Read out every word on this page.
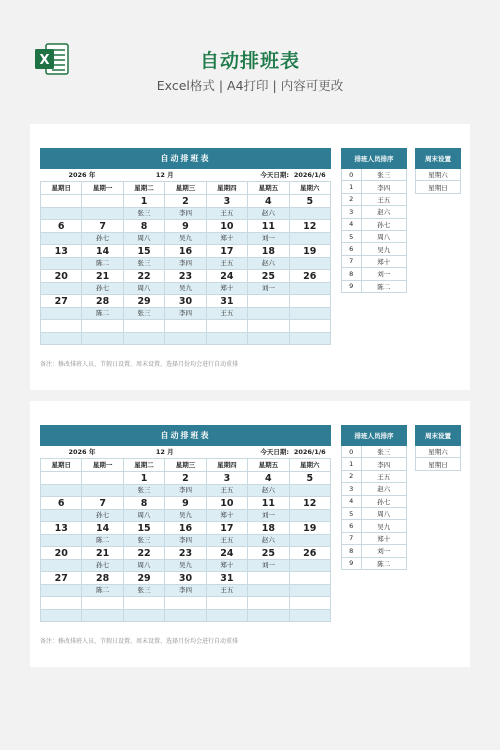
X	自动排班表
Excel格式 | A4打印 | 内容可更改
自动排班表						
2026 年		12 月		今天日期:		2026/1/6
星期日	星期一	星期二	星期三	星期四	星期五	星期六
		1	2	3	4	5
		张三	李四	王五	赵六	
6	7	8	9	10	11	12
	孙七	周八	吴九	郑十	刘一	
13	14	15	16	17	18	19
	陈二	张三	李四	王五	赵六	
20	21	22	23	24	25	26
	孙七	周八	吴九	郑十	刘一	
27	28	29	30	31		
	陈二	张三	李四	王五		

排班人员排序	
0	张三
1	李四
2	王五
3	赵六
4	孙七
5	周八
6	吴九
7	郑十
8	刘一
9	陈二
周末设置
星期六
星期日
备注：修改排班人员、节假日设置、周末设置、选择月份均会进行自动重排
自动排班表						
2026 年		12 月		今天日期:		2026/1/6
星期日	星期一	星期二	星期三	星期四	星期五	星期六
		1	2	3	4	5
		张三	李四	王五	赵六	
6	7	8	9	10	11	12
	孙七	周八	吴九	郑十	刘一	
13	14	15	16	17	18	19
	陈二	张三	李四	王五	赵六	
20	21	22	23	24	25	26
	孙七	周八	吴九	郑十	刘一	
27	28	29	30	31		
	陈二	张三	李四	王五		

排班人员排序	
0	张三
1	李四
2	王五
3	赵六
4	孙七
5	周八
6	吴九
7	郑十
8	刘一
9	陈二
周末设置
星期六
星期日
备注：修改排班人员、节假日设置、周末设置、选择月份均会进行自动重排
